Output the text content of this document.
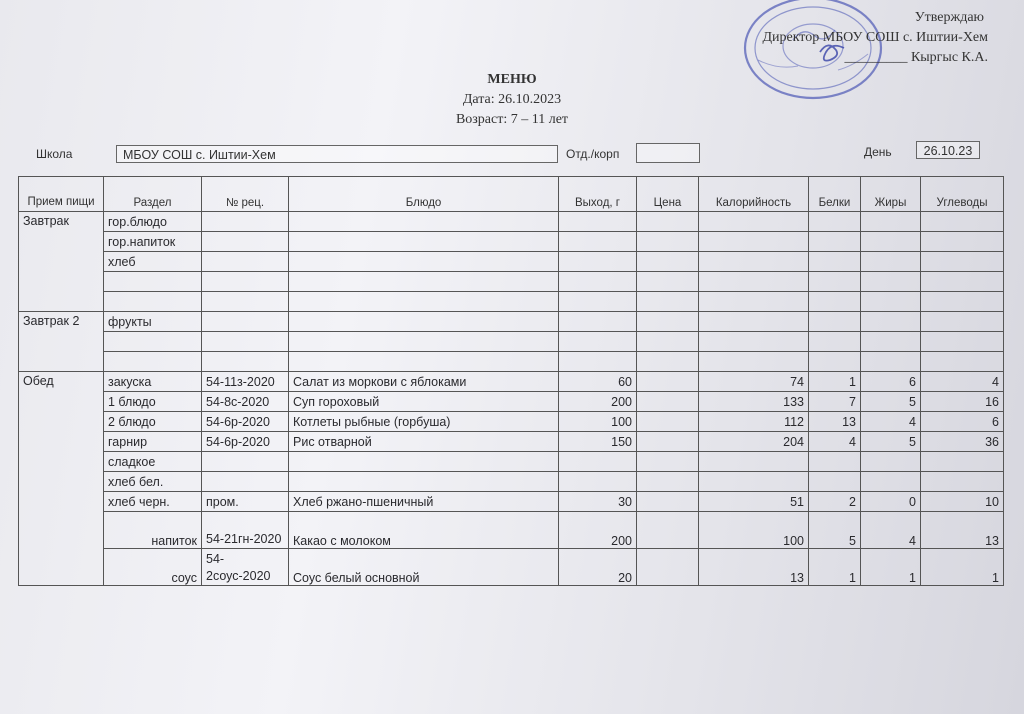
Утверждаю
Директор МБОУ СОШ с. Иштии-Хем
_________ Кыргыс К.А.
МЕНЮ
Дата: 26.10.2023
Возраст: 7 – 11 лет
Школа	МБОУ СОШ с. Иштии-Хем	Отд./корп	День	26.10.23
Прием пищи	Раздел	№ рец.	Блюдо	Выход, г	Цена	Калорийность	Белки	Жиры	Углеводы
Завтрак	гор.блюдо								
	гор.напиток								
	хлеб								

Завтрак 2	фрукты								

Обед	закуска	54-11з-2020	Салат из моркови с яблоками	60		74	1	6	4
	1 блюдо	54-8с-2020	Суп гороховый	200		133	7	5	16
	2 блюдо	54-6р-2020	Котлеты рыбные (горбуша)	100		112	13	4	6
	гарнир	54-6р-2020	Рис отварной	150		204	4	5	36
	сладкое								
	хлеб бел.								
	хлеб черн.	пром.	Хлеб ржано-пшеничный	30		51	2	0	10
	напиток	54-21гн-2020	Какао с молоком	200		100	5	4	13
	соус	54-2соус-2020	Соус белый основной	20		13	1	1	1
